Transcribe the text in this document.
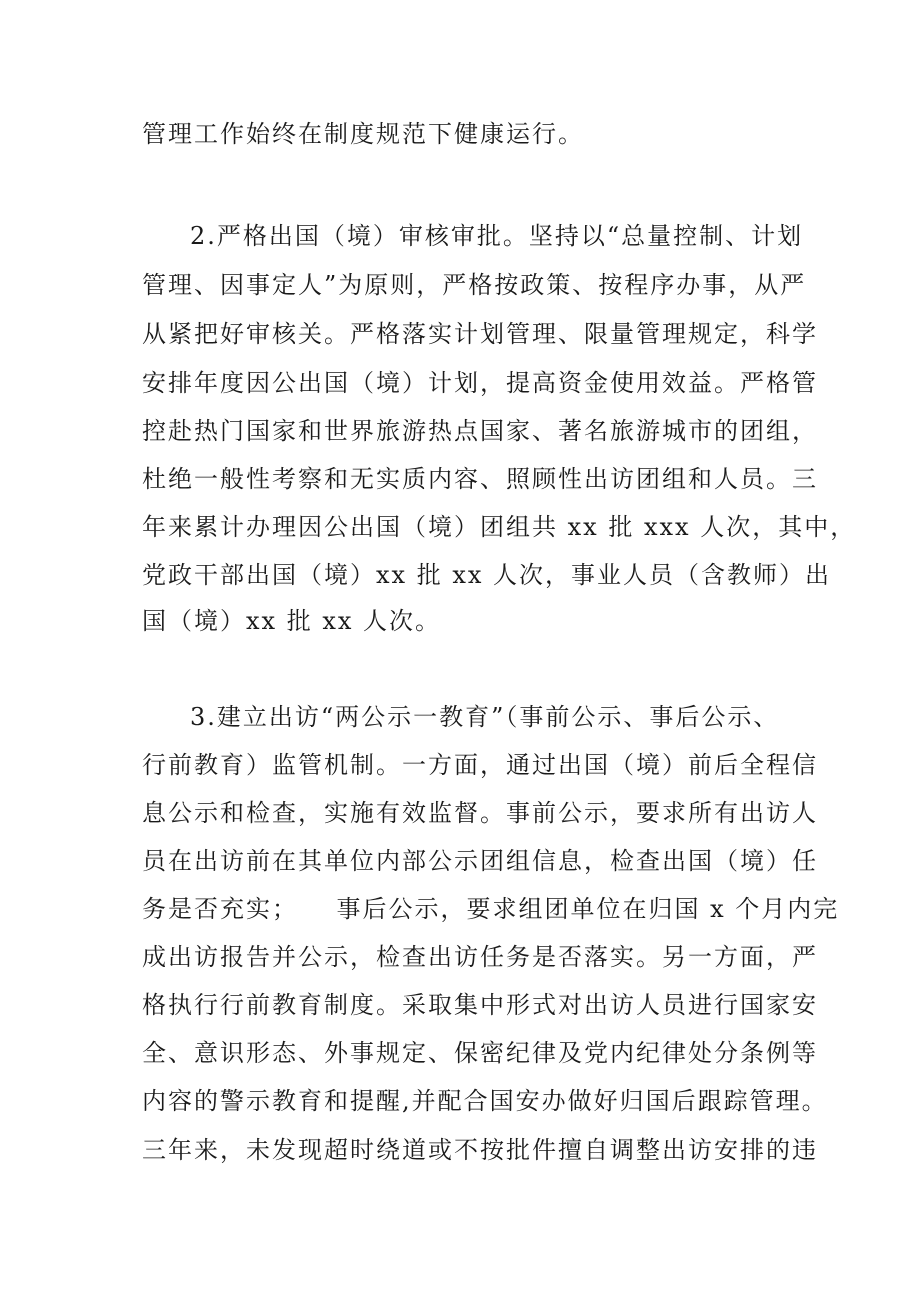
管理工作始终在制度规范下健康运行。
2.严格出国（境）审核审批。坚持以“总量控制、计划
管理、因事定人”为原则，严格按政策、按程序办事，从严
从紧把好审核关。严格落实计划管理、限量管理规定，科学
安排年度因公出国（境）计划，提高资金使用效益。严格管
控赴热门国家和世界旅游热点国家、著名旅游城市的团组，
杜绝一般性考察和无实质内容、照顾性出访团组和人员。三
年来累计办理因公出国（境）团组共 xx 批 xxx 人次，其中，
党政干部出国（境）xx 批 xx 人次，事业人员（含教师）出
国（境）xx 批 xx 人次。
3.建立出访“两公示一教育”（事前公示、事后公示、
行前教育）监管机制。一方面，通过出国（境）前后全程信
息公示和检查，实施有效监督。事前公示，要求所有出访人
员在出访前在其单位内部公示团组信息，检查出国（境）任
务是否充实；    事后公示，要求组团单位在归国 x 个月内完
成出访报告并公示，检查出访任务是否落实。另一方面，严
格执行行前教育制度。采取集中形式对出访人员进行国家安
全、意识形态、外事规定、保密纪律及党内纪律处分条例等
内容的警示教育和提醒,并配合国安办做好归国后跟踪管理。
三年来，未发现超时绕道或不按批件擅自调整出访安排的违
